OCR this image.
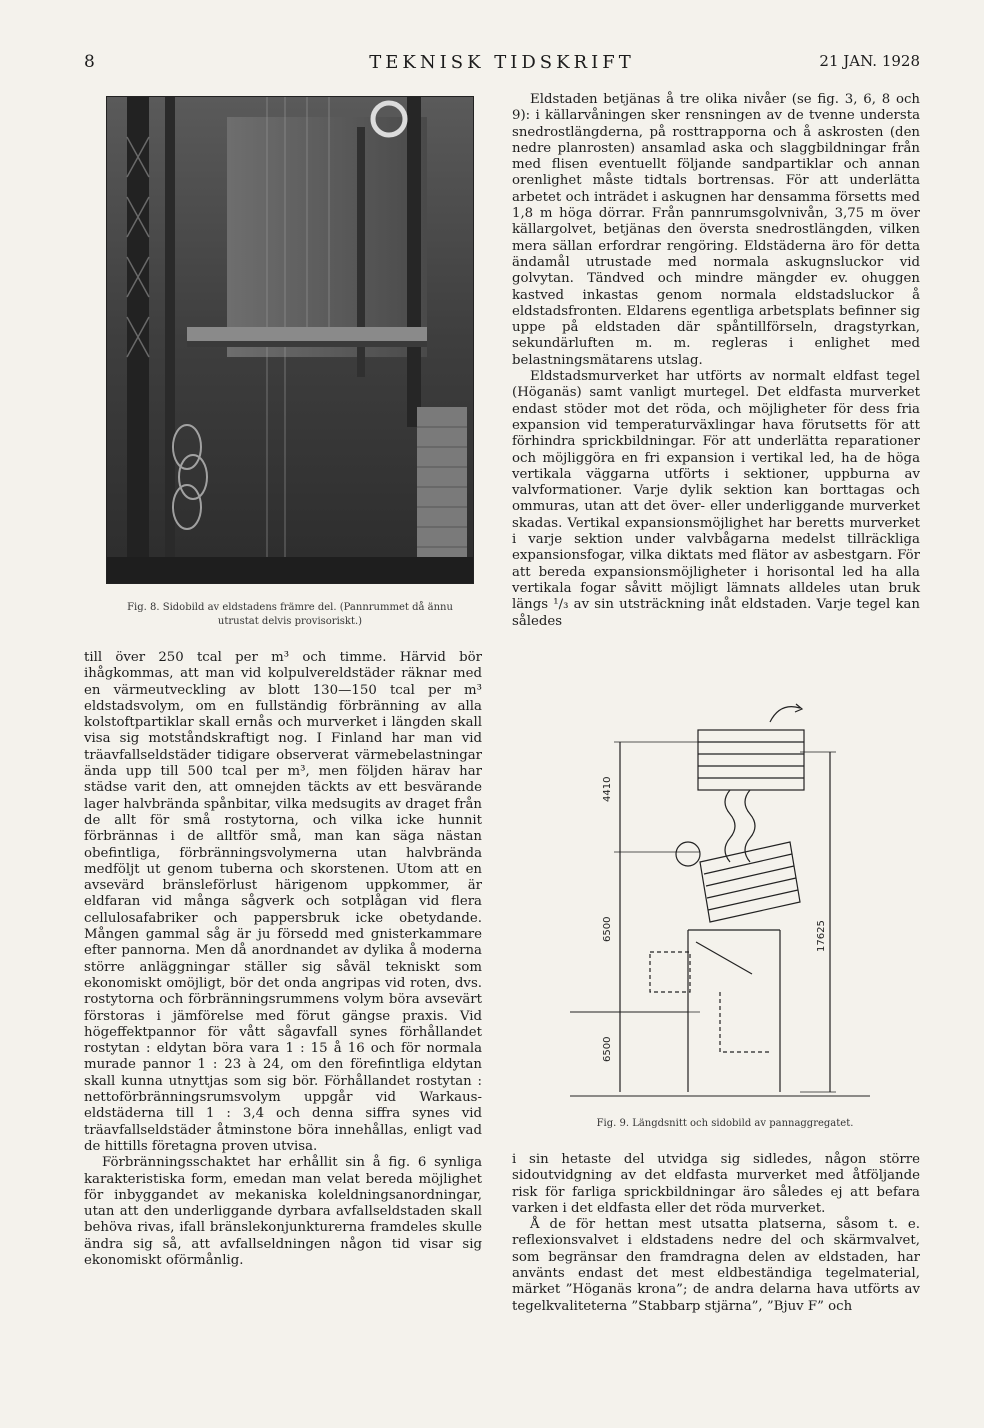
8	TEKNISK TIDSKRIFT	21 JAN. 1928
Fig. 8. Sidobild av eldstadens främre del. (Pannrummet då ännu utrustat delvis provisoriskt.)

till över 250 tcal per m³ och timme. Härvid bör ihågkommas, att man vid kolpulvereldstäder räknar med en värmeutveckling av blott 130—150 tcal per m³ eldstadsvolym, om en fullständig förbränning av alla kolstoftpartiklar skall ernås och murverket i längden skall visa sig motståndskraftigt nog. I Finland har man vid träavfallseldstäder tidigare observerat värmebelastningar ända upp till 500 tcal per m³, men följden härav har städse varit den, att omnejden täckts av ett besvärande lager halvbrända spånbitar, vilka medsugits av draget från de allt för små rostytorna, och vilka icke hunnit förbrännas i de alltför små, man kan säga nästan obefintliga, förbränningsvolymerna utan halvbrända medföljt ut genom tuberna och skorstenen. Utom att en avsevärd bränsleförlust härigenom uppkommer, är eldfaran vid många sågverk och sotplågan vid flera cellulosafabriker och pappersbruk icke obetydande. Mången gammal såg är ju försedd med gnisterkammare efter pannorna. Men då anordnandet av dylika å moderna större anläggningar ställer sig såväl tekniskt som ekonomiskt omöjligt, bör det onda angripas vid roten, dvs. rostytorna och förbränningsrummens volym böra avsevärt förstoras i jämförelse med förut gängse praxis. Vid högeffektpannor för vått sågavfall synes förhållandet rostytan : eldytan böra vara 1 : 15 å 16 och för normala murade pannor 1 : 23 à 24, om den förefintliga eldytan skall kunna utnyttjas som sig bör. Förhållandet rostytan : nettoförbränningsrumsvolym uppgår vid Warkaus-eldstäderna till 1 : 3,4 och denna siffra synes vid träavfallseldstäder åtminstone böra innehållas, enligt vad de hittills företagna proven utvisa.

Förbränningsschaktet har erhållit sin å fig. 6 synliga karakteristiska form, emedan man velat bereda möjlighet för inbyggandet av mekaniska koleldningsanordningar, utan att den underliggande dyrbara avfallseldstaden skall behöva rivas, ifall bränslekonjunkturerna framdeles skulle ändra sig så, att avfallseldningen någon tid visar sig ekonomiskt oförmånlig.

Eldstaden betjänas å tre olika nivåer (se fig. 3, 6, 8 och 9): i källarvåningen sker rensningen av de tvenne understa snedrostlängderna, på rosttrapporna och å askrosten (den nedre planrosten) ansamlad aska och slaggbildningar från med flisen eventuellt följande sandpartiklar och annan orenlighet måste tidtals bortrensas. För att underlätta arbetet och inträdet i askugnen har densamma försetts med 1,8 m höga dörrar. Från pannrumsgolvnivån, 3,75 m över källargolvet, betjänas den översta snedrostlängden, vilken mera sällan erfordrar rengöring. Eldstäderna äro för detta ändamål utrustade med normala askugnsluckor vid golvytan. Tändved och mindre mängder ev. ohuggen kastved inkastas genom normala eldstadsluckor å eldstadsfronten. Eldarens egentliga arbetsplats befinner sig uppe på eldstaden där spåntillförseln, dragstyrkan, sekundärluften m. m. regleras i enlighet med belastningsmätarens utslag.

Eldstadsmurverket har utförts av normalt eldfast tegel (Höganäs) samt vanligt murtegel. Det eldfasta murverket endast stöder mot det röda, och möjligheter för dess fria expansion vid temperaturväxlingar hava förutsetts för att förhindra sprickbildningar. För att underlätta reparationer och möjliggöra en fri expansion i vertikal led, ha de höga vertikala väggarna utförts i sektioner, uppburna av valvformationer. Varje dylik sektion kan borttagas och ommuras, utan att det över- eller underliggande murverket skadas. Vertikal expansionsmöjlighet har beretts murverket i varje sektion under valvbågarna medelst tillräckliga expansionsfogar, vilka diktats med flätor av asbestgarn. För att bereda expansionsmöjligheter i horisontal led ha alla vertikala fogar såvitt möjligt lämnats alldeles utan bruk längs ¹/₃ av sin utsträckning inåt eldstaden. Varje tegel kan således

4410
6500
6500
17625
Fig. 9. Längdsnitt och sidobild av pannaggregatet.

i sin hetaste del utvidga sig sidledes, någon större sidoutvidgning av det eldfasta murverket med åtföljande risk för farliga sprickbildningar äro således ej att befara varken i det eldfasta eller det röda murverket.

Å de för hettan mest utsatta platserna, såsom t. e. reflexionsvalvet i eldstadens nedre del och skärmvalvet, som begränsar den framdragna delen av eldstaden, har använts endast det mest eldbeständiga tegelmaterial, märket ”Höganäs krona”; de andra delarna hava utförts av tegelkvaliteterna ”Stabbarp stjärna”, ”Bjuv F” och
